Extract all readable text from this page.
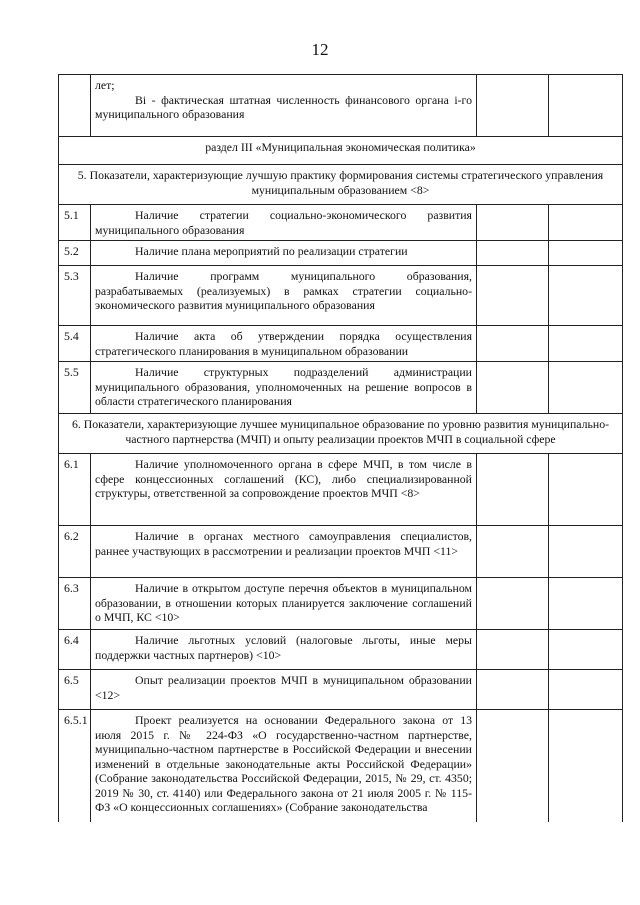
12

	лет;

Bi - фактическая штатная численность финансового органа i-го муниципального образования		

раздел III «Муниципальная экономическая политика»			
5. Показатели, характеризующие лучшую практику формирования системы стратегического управления муниципальным образованием <8>			
5.1	Наличие стратегии социально-экономического развития муниципального образования		

5.2	Наличие плана мероприятий по реализации стратегии		

5.3	Наличие программ муниципального образования, разрабатываемых (реализуемых) в рамках стратегии социально-экономического развития муниципального образования		

5.4	Наличие акта об утверждении порядка осуществления стратегического планирования в муниципальном образовании		

5.5	Наличие структурных подразделений администрации муниципального образования, уполномоченных на решение вопросов в области стратегического планирования		

6. Показатели, характеризующие лучшее муниципальное образование по уровню развития муниципально-частного партнерства (МЧП) и опыту реализации проектов МЧП в социальной сфере			
6.1	Наличие уполномоченного органа в сфере МЧП, в том числе в сфере концессионных соглашений (КС), либо специализированной структуры, ответственной за сопровождение проектов МЧП <8>		

6.2	Наличие в органах местного самоуправления специалистов, раннее участвующих в рассмотрении и реализации проектов МЧП <11>		

6.3	Наличие в открытом доступе перечня объектов в муниципальном образовании, в отношении которых планируется заключение соглашений о МЧП, КС <10>		

6.4	Наличие льготных условий (налоговые льготы, иные меры поддержки частных партнеров) <10>		

6.5	Опыт реализации проектов МЧП в муниципальном образовании <12>		

6.5.1	Проект реализуется на основании Федерального закона от 13 июля 2015 г. № 224-ФЗ «О государственно-частном партнерстве, муниципально-частном партнерстве в Российской Федерации и внесении изменений в отдельные законодательные акты Российской Федерации» (Собрание законодательства Российской Федерации, 2015, № 29, ст. 4350; 2019 № 30, ст. 4140) или Федерального закона от 21 июля 2005 г. № 115-ФЗ «О концессионных соглашениях» (Собрание законодательства		
